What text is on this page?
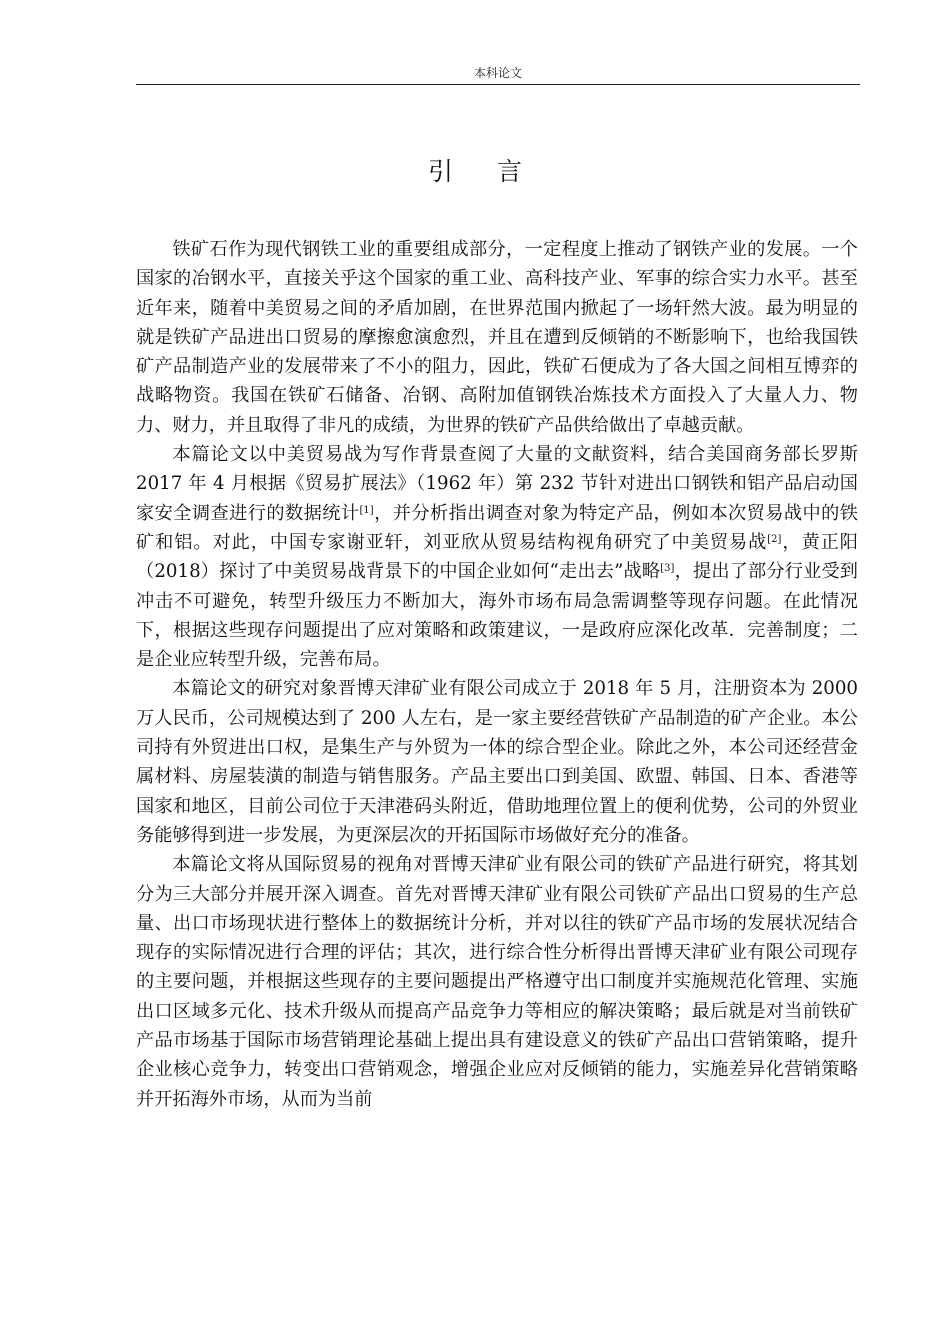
本科论文
引 言

铁矿石作为现代钢铁工业的重要组成部分，一定程度上推动了钢铁产业的发展。一个国家的冶钢水平，直接关乎这个国家的重工业、高科技产业、军事的综合实力水平。甚至近年来，随着中美贸易之间的矛盾加剧，在世界范围内掀起了一场轩然大波。最为明显的就是铁矿产品进出口贸易的摩擦愈演愈烈，并且在遭到反倾销的不断影响下，也给我国铁矿产品制造产业的发展带来了不小的阻力，因此，铁矿石便成为了各大国之间相互博弈的战略物资。我国在铁矿石储备、冶钢、高附加值钢铁冶炼技术方面投入了大量人力、物力、财力，并且取得了非凡的成绩，为世界的铁矿产品供给做出了卓越贡献。

本篇论文以中美贸易战为写作背景查阅了大量的文献资料，结合美国商务部长罗斯 2017 年 4 月根据《贸易扩展法》（1962 年）第 232 节针对进出口钢铁和铝产品启动国家安全调查进行的数据统计[1]，并分析指出调查对象为特定产品，例如本次贸易战中的铁矿和铝。对此，中国专家谢亚轩，刘亚欣从贸易结构视角研究了中美贸易战[2]，黄正阳（2018）探讨了中美贸易战背景下的中国企业如何“走出去”战略[3]，提出了部分行业受到冲击不可避免，转型升级压力不断加大，海外市场布局急需调整等现存问题。在此情况下，根据这些现存问题提出了应对策略和政策建议，一是政府应深化改革．完善制度；二是企业应转型升级，完善布局。

本篇论文的研究对象晋博天津矿业有限公司成立于 2018 年 5 月，注册资本为 2000 万人民币，公司规模达到了 200 人左右，是一家主要经营铁矿产品制造的矿产企业。本公司持有外贸进出口权，是集生产与外贸为一体的综合型企业。除此之外，本公司还经营金属材料、房屋装潢的制造与销售服务。产品主要出口到美国、欧盟、韩国、日本、香港等国家和地区，目前公司位于天津港码头附近，借助地理位置上的便利优势，公司的外贸业务能够得到进一步发展，为更深层次的开拓国际市场做好充分的准备。

本篇论文将从国际贸易的视角对晋博天津矿业有限公司的铁矿产品进行研究，将其划分为三大部分并展开深入调查。首先对晋博天津矿业有限公司铁矿产品出口贸易的生产总量、出口市场现状进行整体上的数据统计分析，并对以往的铁矿产品市场的发展状况结合现存的实际情况进行合理的评估；其次，进行综合性分析得出晋博天津矿业有限公司现存的主要问题，并根据这些现存的主要问题提出严格遵守出口制度并实施规范化管理、实施出口区域多元化、技术升级从而提高产品竞争力等相应的解决策略；最后就是对当前铁矿产品市场基于国际市场营销理论基础上提出具有建设意义的铁矿产品出口营销策略，提升企业核心竞争力，转变出口营销观念，增强企业应对反倾销的能力，实施差异化营销策略并开拓海外市场，从而为当前
